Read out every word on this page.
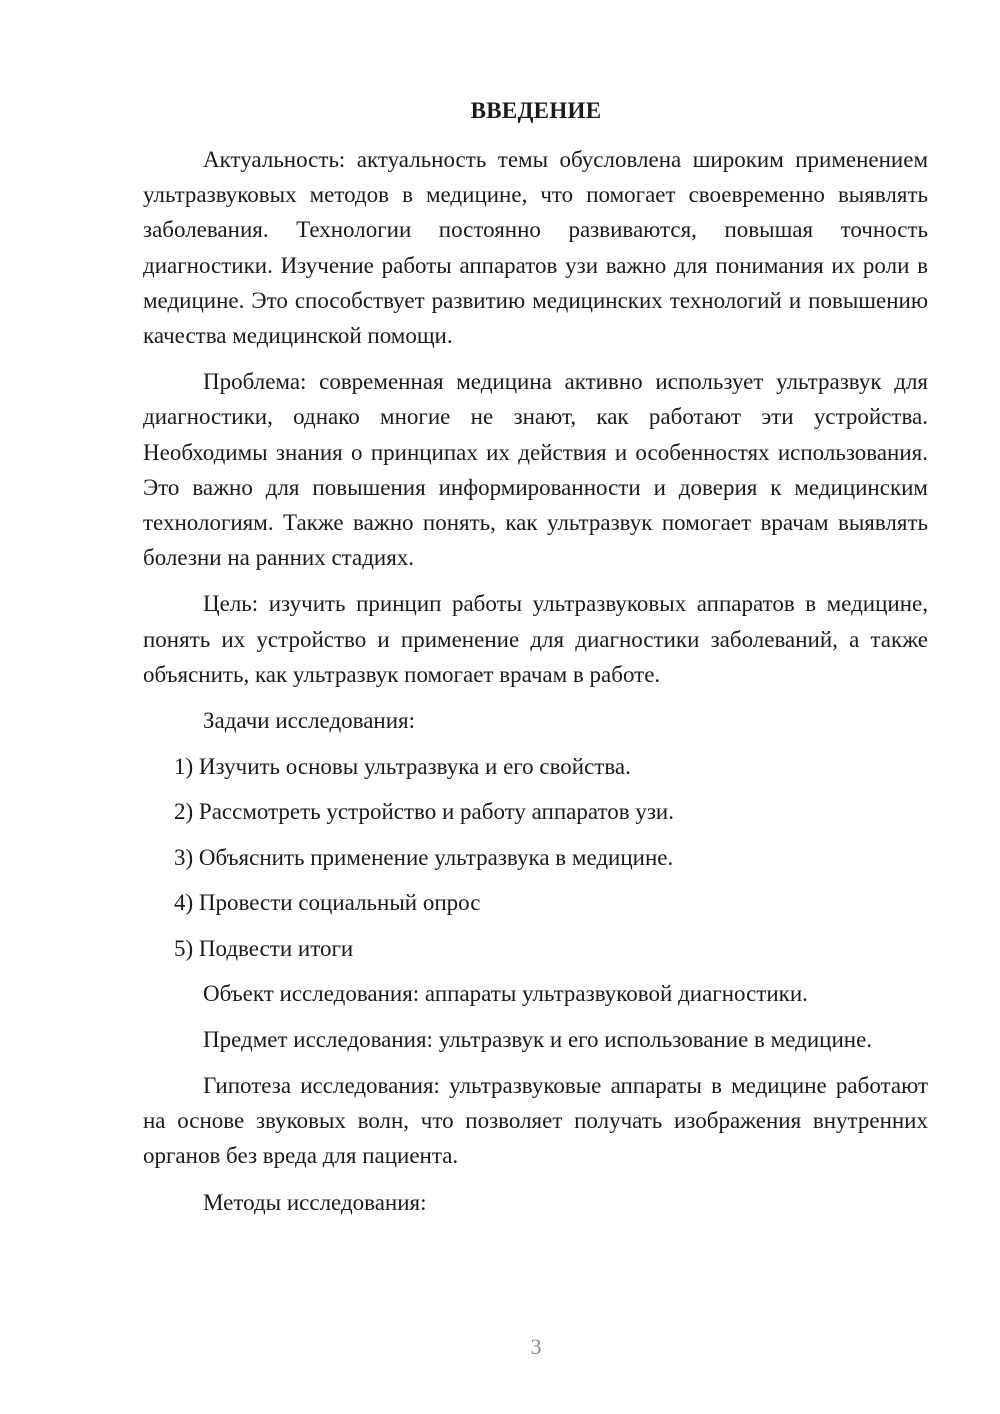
ВВЕДЕНИЕ

Актуальность: актуальность темы обусловлена широким применением ультразвуковых методов в медицине, что помогает своевременно выявлять заболевания. Технологии постоянно развиваются, повышая точность диагностики. Изучение работы аппаратов узи важно для понимания их роли в медицине. Это способствует развитию медицинских технологий и повышению качества медицинской помощи.

Проблема: современная медицина активно использует ультразвук для диагностики, однако многие не знают, как работают эти устройства. Необходимы знания о принципах их действия и особенностях использования. Это важно для повышения информированности и доверия к медицинским технологиям. Также важно понять, как ультразвук помогает врачам выявлять болезни на ранних стадиях.

Цель: изучить принцип работы ультразвуковых аппаратов в медицине, понять их устройство и применение для диагностики заболеваний, а также объяснить, как ультразвук помогает врачам в работе.

Задачи исследования:

1) Изучить основы ультразвука и его свойства.

2) Рассмотреть устройство и работу аппаратов узи.

3) Объяснить применение ультразвука в медицине.

4) Провести социальный опрос

5) Подвести итоги

Объект исследования: аппараты ультразвуковой диагностики.

Предмет исследования: ультразвук и его использование в медицине.

Гипотеза исследования: ультразвуковые аппараты в медицине работают на основе звуковых волн, что позволяет получать изображения внутренних органов без вреда для пациента.

Методы исследования:

3
